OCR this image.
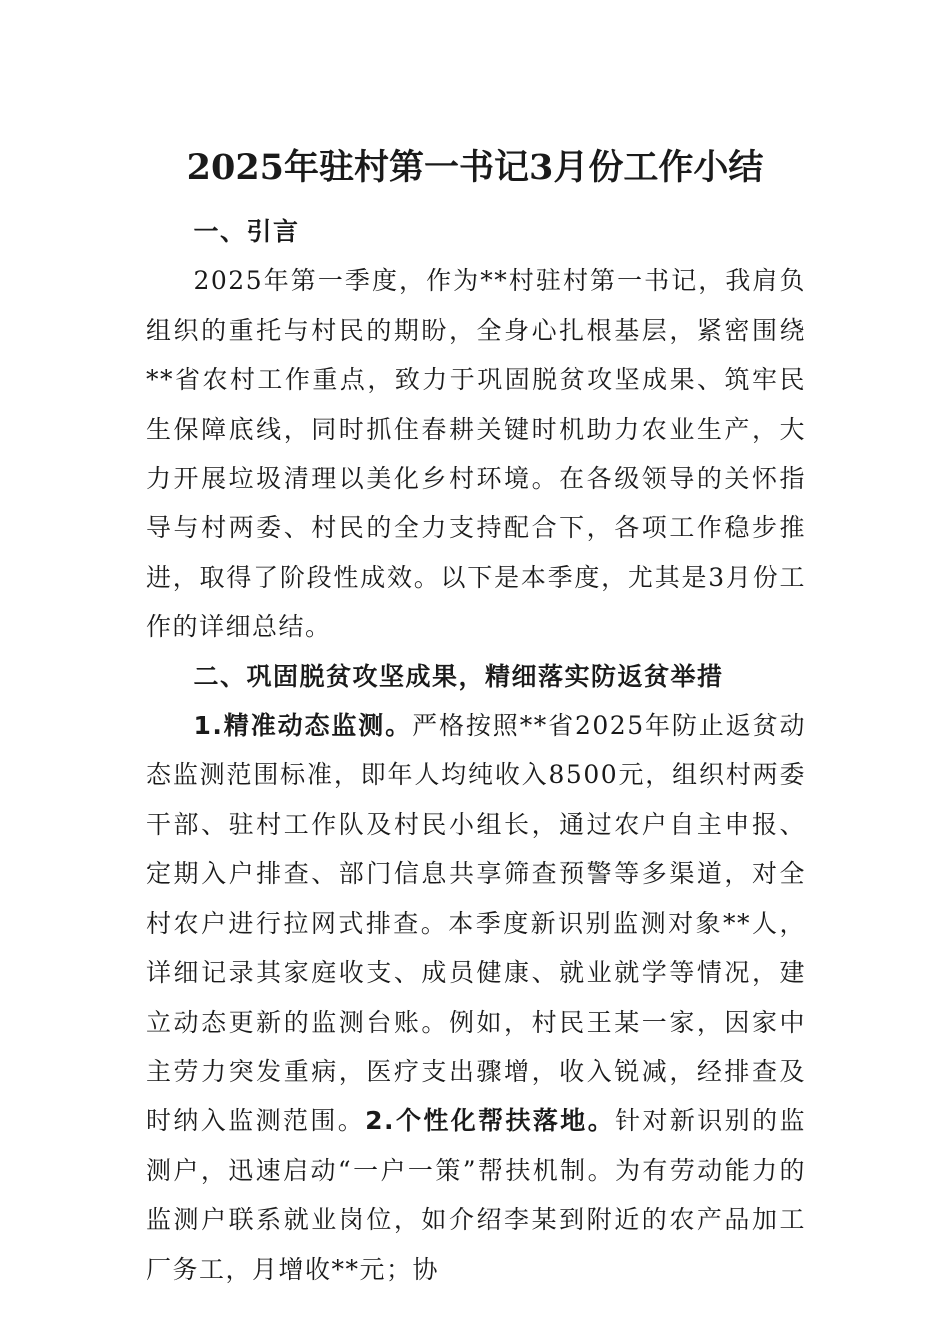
2025年驻村第一书记3月份工作小结

一、引言

2025年第一季度，作为**村驻村第一书记，我肩负组织的重托与村民的期盼，全身心扎根基层，紧密围绕**省农村工作重点，致力于巩固脱贫攻坚成果、筑牢民生保障底线，同时抓住春耕关键时机助力农业生产，大力开展垃圾清理以美化乡村环境。在各级领导的关怀指导与村两委、村民的全力支持配合下，各项工作稳步推进，取得了阶段性成效。以下是本季度，尤其是3月份工作的详细总结。

二、巩固脱贫攻坚成果，精细落实防返贫举措

1.精准动态监测。严格按照**省2025年防止返贫动态监测范围标准，即年人均纯收入8500元，组织村两委干部、驻村工作队及村民小组长，通过农户自主申报、定期入户排查、部门信息共享筛查预警等多渠道，对全村农户进行拉网式排查。本季度新识别监测对象**人，详细记录其家庭收支、成员健康、就业就学等情况，建立动态更新的监测台账。例如，村民王某一家，因家中主劳力突发重病，医疗支出骤增，收入锐减，经排查及时纳入监测范围。2.个性化帮扶落地。针对新识别的监测户，迅速启动“一户一策”帮扶机制。为有劳动能力的监测户联系就业岗位，如介绍李某到附近的农产品加工厂务工，月增收**元；协
